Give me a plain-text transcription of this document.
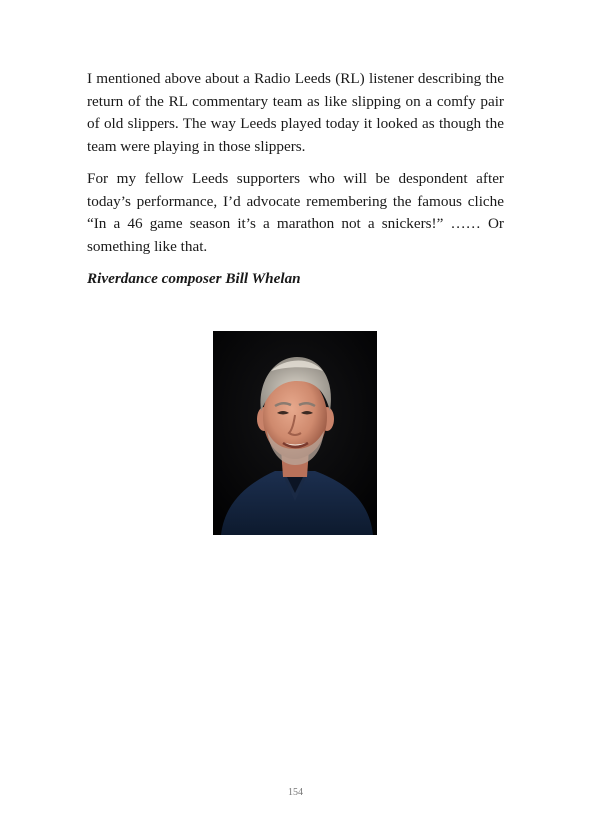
I mentioned above about a Radio Leeds (RL) listener describing the return of the RL commentary team as like slipping on a comfy pair of old slippers. The way Leeds played today it looked as though the team were playing in those slippers.

For my fellow Leeds supporters who will be despondent after today’s performance, I’d advocate remembering the famous cliche “In a 46 game season it’s a marathon not a snickers!” …… Or something like that.

Riverdance composer Bill Whelan

154
